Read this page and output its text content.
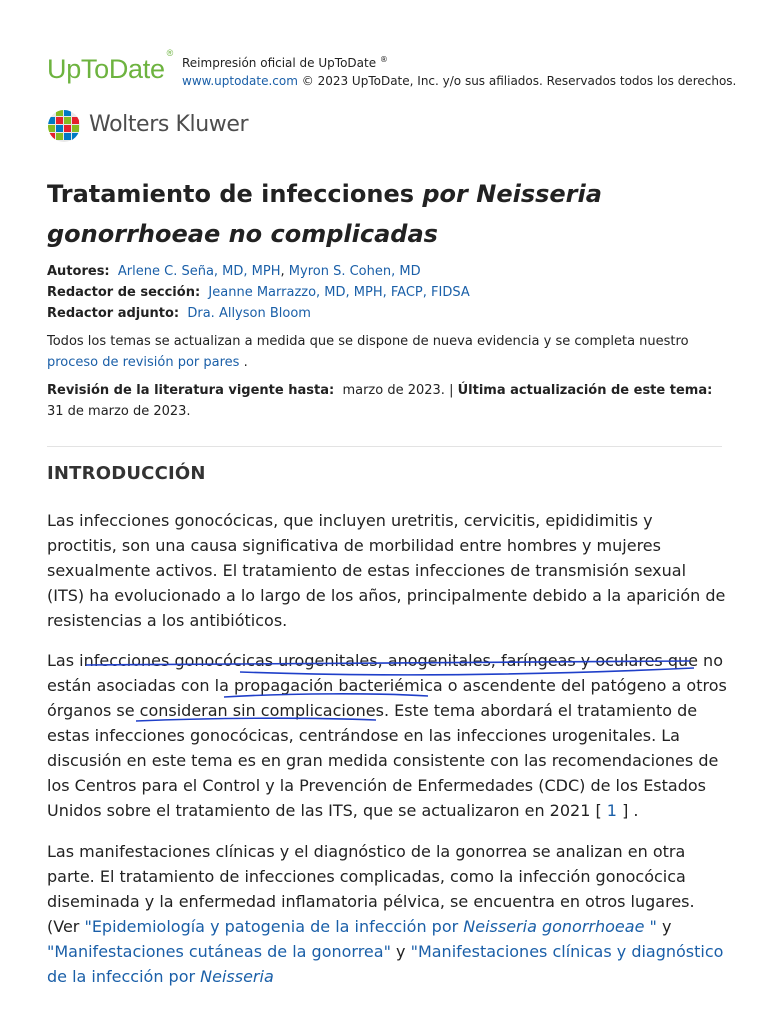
UpToDate®
Reimpresión oficial de UpToDate ®
www.uptodate.com © 2023 UpToDate, Inc. y/o sus afiliados. Reservados todos los derechos.
Wolters Kluwer
Tratamiento de infecciones por Neisseria gonorrhoeae no complicadas
Autores: Arlene C. Seña, MD, MPH, Myron S. Cohen, MD
Redactor de sección: Jeanne Marrazzo, MD, MPH, FACP, FIDSA
Redactor adjunto: Dra. Allyson Bloom
Todos los temas se actualizan a medida que se dispone de nueva evidencia y se completa nuestro
proceso de revisión por pares .
Revisión de la literatura vigente hasta: marzo de 2023. | Última actualización de este tema:  31 de marzo de 2023.
INTRODUCCIÓN

Las infecciones gonocócicas, que incluyen uretritis, cervicitis, epididimitis y proctitis, son una causa significativa de morbilidad entre hombres y mujeres sexualmente activos. El tratamiento de estas infecciones de transmisión sexual (ITS) ha evolucionado a lo largo de los años, principalmente debido a la aparición de resistencias a los antibióticos.

Las infecciones gonocócicas urogenitales, anogenitales, faríngeas y oculares que no están asociadas con la propagación bacteriémica o ascendente del patógeno a otros órganos se consideran sin complicaciones. Este tema abordará el tratamiento de estas infecciones gonocócicas, centrándose en las infecciones urogenitales. La discusión en este tema es en gran medida consistente con las recomendaciones de los Centros para el Control y la Prevención de Enfermedades (CDC) de los Estados Unidos sobre el tratamiento de las ITS, que se actualizaron en 2021 [ 1 ] .

Las manifestaciones clínicas y el diagnóstico de la gonorrea se analizan en otra parte. El tratamiento de infecciones complicadas, como la infección gonocócica diseminada y la enfermedad inflamatoria pélvica, se encuentra en otros lugares. (Ver "Epidemiología y patogenia de la infección por Neisseria gonorrhoeae " y "Manifestaciones cutáneas de la gonorrea" y "Manifestaciones clínicas y diagnóstico de la infección por Neisseria
